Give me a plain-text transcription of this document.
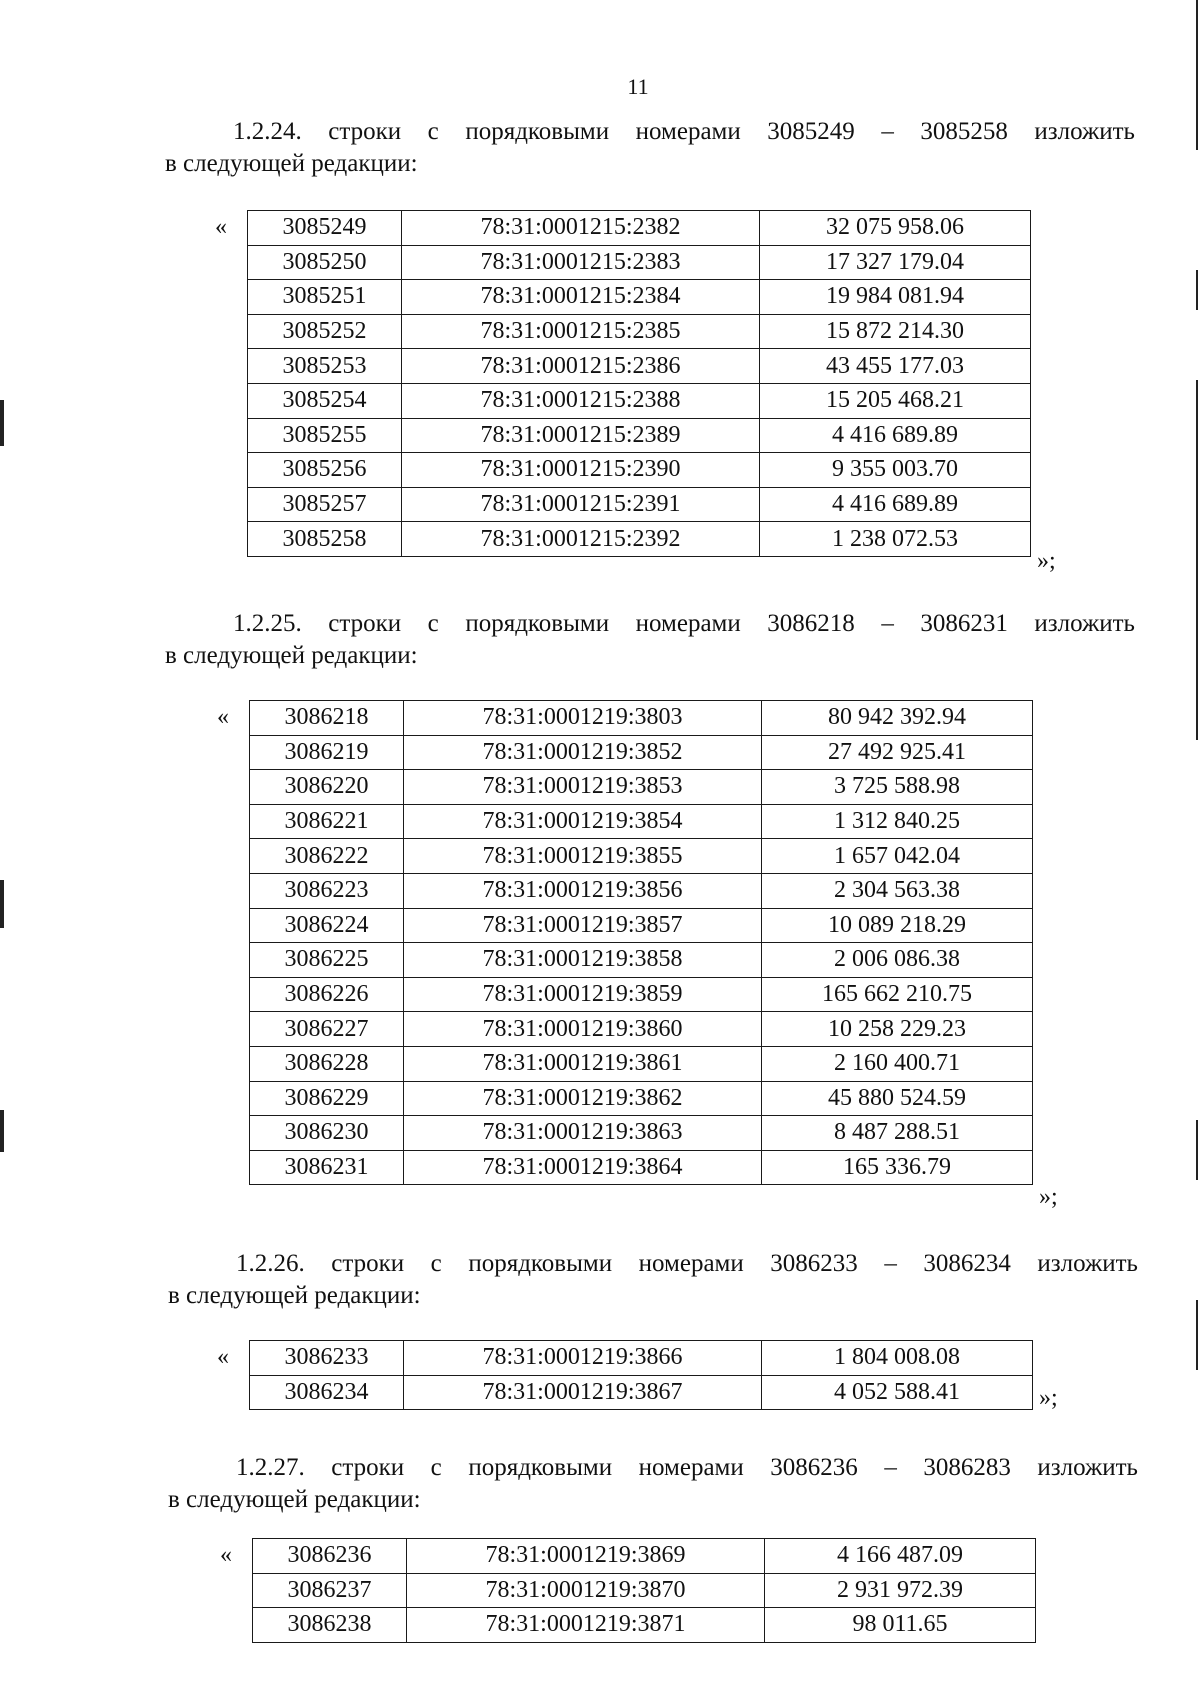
11
1.2.24. строки с порядковыми номерами 3085249 – 3085258 изложить
в следующей редакции:
« 3085249	78:31:0001215:2382	32 075 958.06
3085250	78:31:0001215:2383	17 327 179.04
3085251	78:31:0001215:2384	19 984 081.94
3085252	78:31:0001215:2385	15 872 214.30
3085253	78:31:0001215:2386	43 455 177.03
3085254	78:31:0001215:2388	15 205 468.21
3085255	78:31:0001215:2389	4 416 689.89
3085256	78:31:0001215:2390	9 355 003.70
3085257	78:31:0001215:2391	4 416 689.89
3085258	78:31:0001215:2392	1 238 072.53
»;
1.2.25. строки с порядковыми номерами 3086218 – 3086231 изложить
в следующей редакции:
« 3086218	78:31:0001219:3803	80 942 392.94
3086219	78:31:0001219:3852	27 492 925.41
3086220	78:31:0001219:3853	3 725 588.98
3086221	78:31:0001219:3854	1 312 840.25
3086222	78:31:0001219:3855	1 657 042.04
3086223	78:31:0001219:3856	2 304 563.38
3086224	78:31:0001219:3857	10 089 218.29
3086225	78:31:0001219:3858	2 006 086.38
3086226	78:31:0001219:3859	165 662 210.75
3086227	78:31:0001219:3860	10 258 229.23
3086228	78:31:0001219:3861	2 160 400.71
3086229	78:31:0001219:3862	45 880 524.59
3086230	78:31:0001219:3863	8 487 288.51
3086231	78:31:0001219:3864	165 336.79
»;
1.2.26. строки с порядковыми номерами 3086233 – 3086234 изложить
в следующей редакции:
« 3086233	78:31:0001219:3866	1 804 008.08
3086234	78:31:0001219:3867	4 052 588.41	»;
1.2.27. строки с порядковыми номерами 3086236 – 3086283 изложить
в следующей редакции:
« 3086236	78:31:0001219:3869	4 166 487.09
3086237	78:31:0001219:3870	2 931 972.39
3086238	78:31:0001219:3871	98 011.65
